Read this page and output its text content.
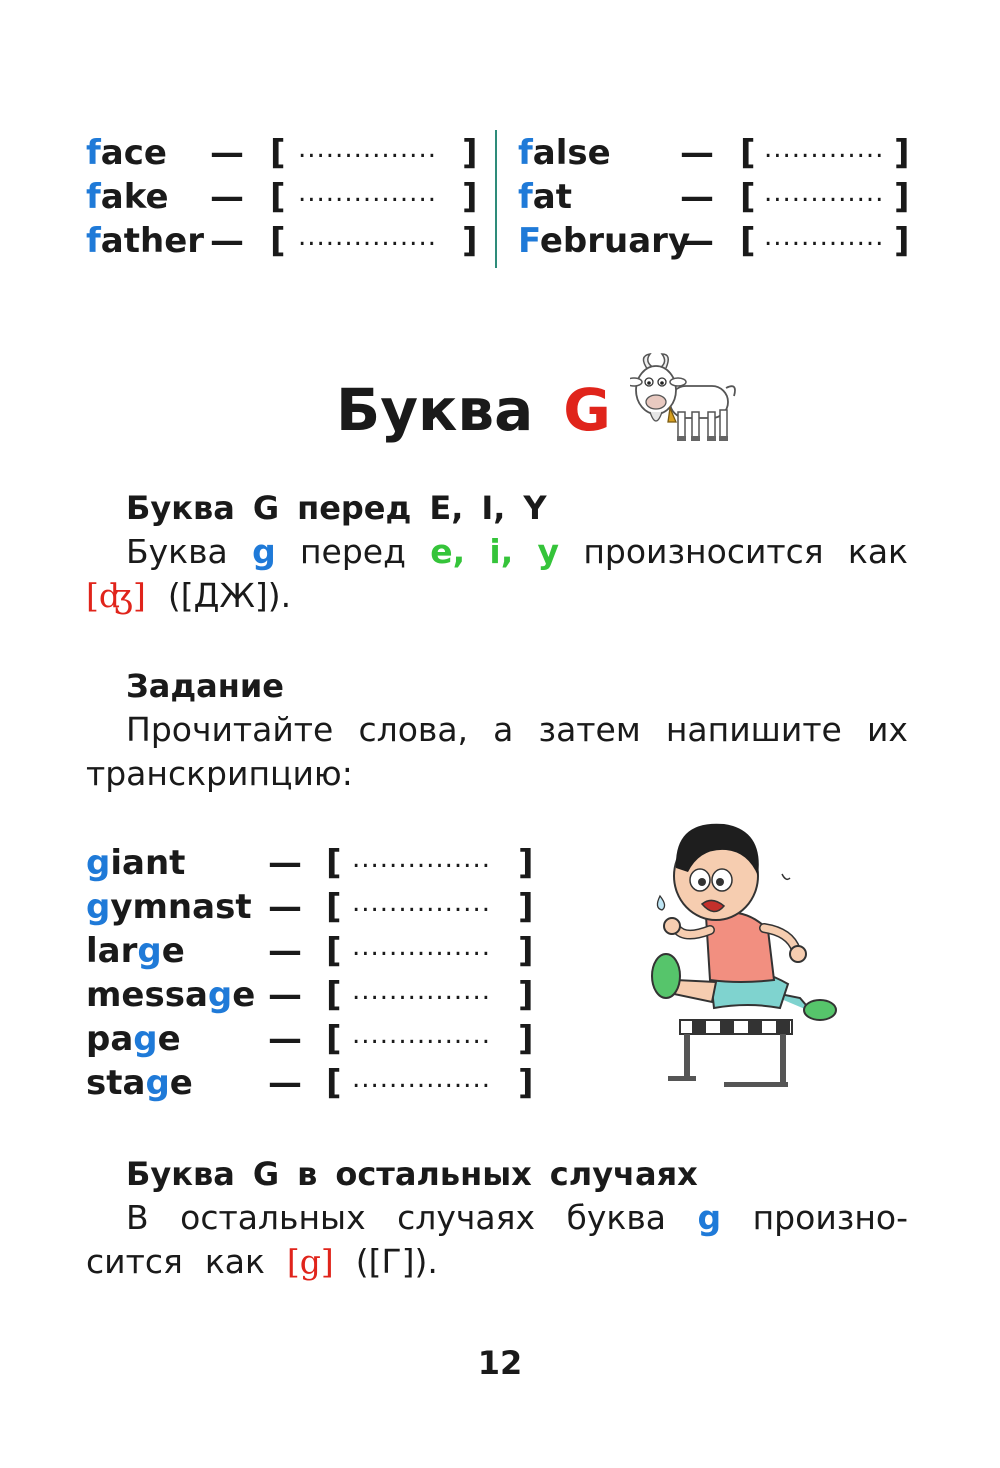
face — [ ............... ]
fake — [ ............... ]
father — [ ............... ]
false — [ ............. ]
fat	— [ ............. ]
February
— [ ............. ]
Буква G
Буква G перед E, I, Y
Буква g перед e, i, y произносится как
[ʤ] ([ДЖ]).
Задание
Прочитайте слова, а затем напишите их
транскрипцию:
giant — [ ............... ]
gymnast — [ ............... ]
large — [ ............... ]
message — [ ............... ]
page	— [ ............... ]
stage — [ ............... ]
Буква G в остальных случаях
В остальных случаях буква g произно-
сится как [g] ([Г]).
12
